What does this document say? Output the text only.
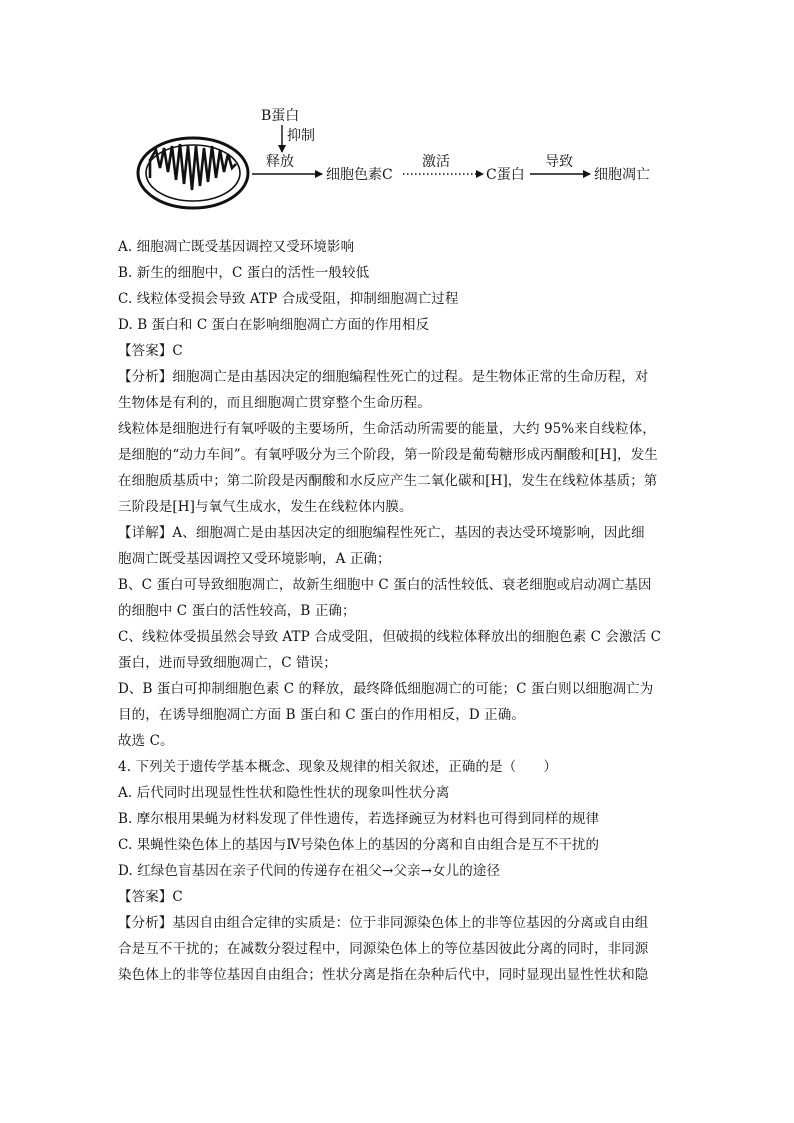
B蛋白
抑制
释放
细胞色素C
激活
C蛋白
导致
细胞凋亡
A. 细胞凋亡既受基因调控又受环境影响
B. 新生的细胞中，C 蛋白的活性一般较低
C. 线粒体受损会导致 ATP 合成受阻，抑制细胞凋亡过程
D. B 蛋白和 C 蛋白在影响细胞凋亡方面的作用相反
【答案】C
【分析】细胞凋亡是由基因决定的细胞编程性死亡的过程。是生物体正常的生命历程，对
生物体是有利的，而且细胞凋亡贯穿整个生命历程。
线粒体是细胞进行有氧呼吸的主要场所，生命活动所需要的能量，大约 95%来自线粒体，
是细胞的“动力车间”。有氧呼吸分为三个阶段，第一阶段是葡萄糖形成丙酮酸和[H]，发生
在细胞质基质中；第二阶段是丙酮酸和水反应产生二氧化碳和[H]，发生在线粒体基质；第
三阶段是[H]与氧气生成水，发生在线粒体内膜。
【详解】A、细胞凋亡是由基因决定的细胞编程性死亡，基因的表达受环境影响，因此细
胞凋亡既受基因调控又受环境影响，A 正确；
B、C 蛋白可导致细胞凋亡，故新生细胞中 C 蛋白的活性较低、衰老细胞或启动凋亡基因
的细胞中 C 蛋白的活性较高，B 正确；
C、线粒体受损虽然会导致 ATP 合成受阻，但破损的线粒体释放出的细胞色素 C 会激活 C
蛋白，进而导致细胞凋亡，C 错误；
D、B 蛋白可抑制细胞色素 C 的释放，最终降低细胞凋亡的可能；C 蛋白则以细胞凋亡为
目的，在诱导细胞凋亡方面 B 蛋白和 C 蛋白的作用相反，D 正确。
故选 C。
4. 下列关于遗传学基本概念、现象及规律的相关叙述，正确的是（　　）
A. 后代同时出现显性性状和隐性性状的现象叫性状分离
B. 摩尔根用果蝇为材料发现了伴性遗传，若选择豌豆为材料也可得到同样的规律
C. 果蝇性染色体上的基因与Ⅳ号染色体上的基因的分离和自由组合是互不干扰的
D. 红绿色盲基因在亲子代间的传递存在祖父→父亲→女儿的途径
【答案】C
【分析】基因自由组合定律的实质是：位于非同源染色体上的非等位基因的分离或自由组
合是互不干扰的；在减数分裂过程中，同源染色体上的等位基因彼此分离的同时，非同源
染色体上的非等位基因自由组合；性状分离是指在杂种后代中，同时显现出显性性状和隐
